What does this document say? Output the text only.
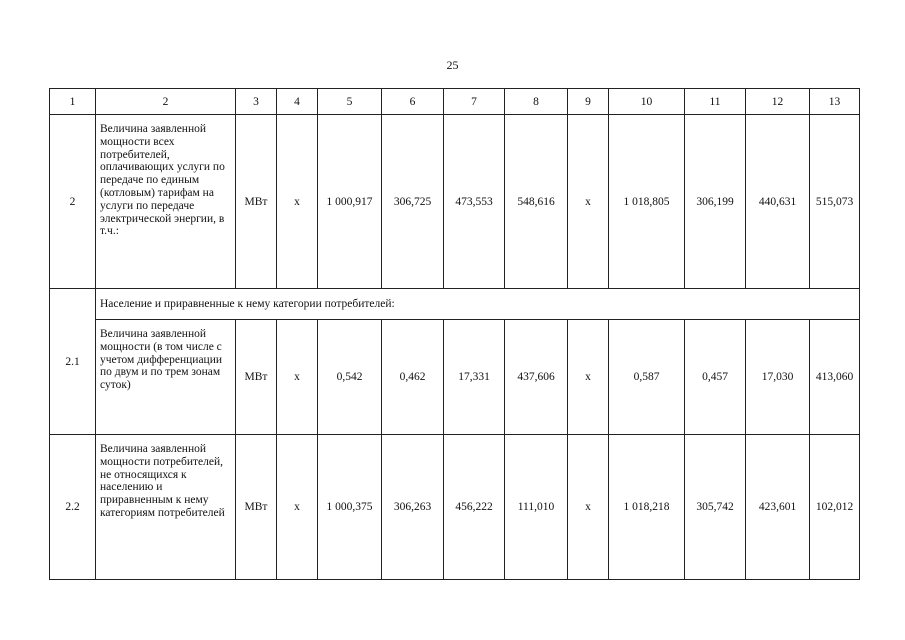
25
1	2	3	4	5	6	7	8	9	10	11	12	13
2	Величина заявленной мощности всех потребителей, оплачивающих услуги по передаче по единым (котловым) тарифам на услуги по передаче электрической энергии, в т.ч.:	МВт	x	1 000,917	306,725	473,553	548,616	x	1 018,805	306,199	440,631	515,073
2.1	Население и приравненные к нему категории потребителей:											
	Величина заявленной мощности (в том числе с учетом дифференциации по двум и по трем зонам суток)	МВт	x	0,542	0,462	17,331	437,606	x	0,587	0,457	17,030	413,060
2.2	Величина заявленной мощности потребителей, не относящихся к населению и приравненным к нему категориям потребителей	МВт	x	1 000,375	306,263	456,222	111,010	x	1 018,218	305,742	423,601	102,012
